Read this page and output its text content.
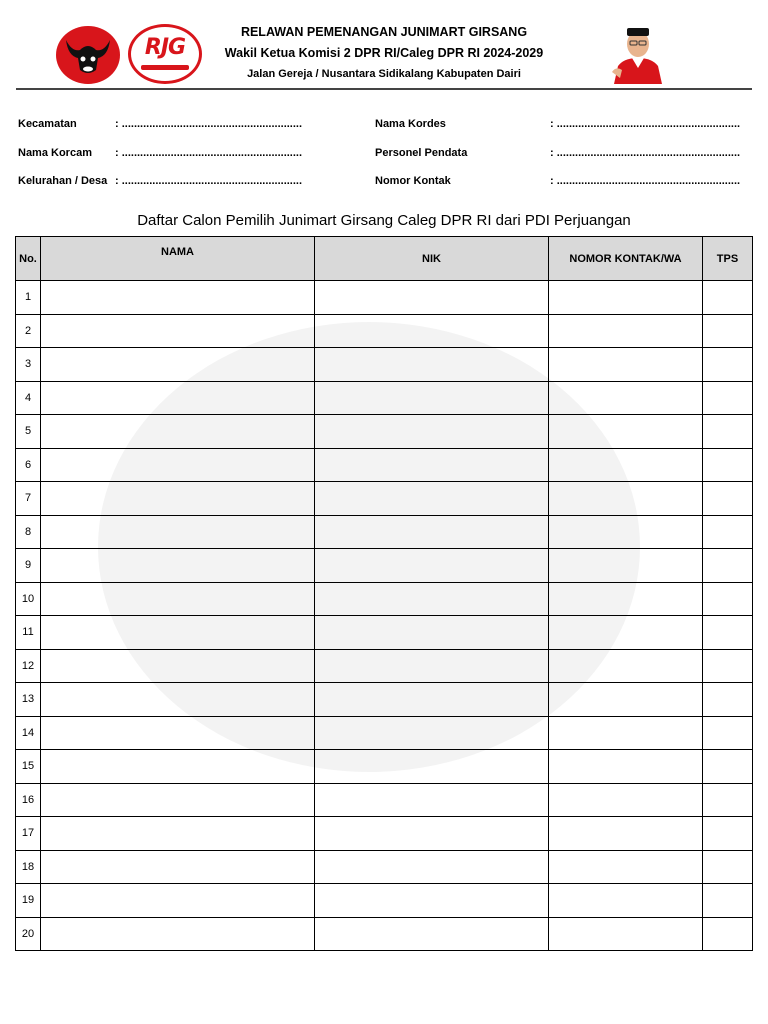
RJG
RELAWAN PEMENANGAN JUNIMART GIRSANG
Wakil Ketua Komisi 2 DPR RI/Caleg DPR RI 2024-2029
Jalan Gereja / Nusantara Sidikalang Kabupaten Dairi
Kecamatan	: ...........................................................
Nama Korcam	: ...........................................................
Kelurahan / Desa : ...........................................................
Nama Kordes	: ............................................................
Personel Pendata	: ............................................................
Nomor Kontak	: ............................................................
Daftar Calon Pemilih Junimart Girsang Caleg DPR RI dari PDI Perjuangan
No.	NAMA	NIK	NOMOR KONTAK/WA	TPS
1				
2				
3				
4				
5				
6				
7				
8				
9				
10				
11				
12				
13				
14				
15				
16				
17				
18				
19				
20				
